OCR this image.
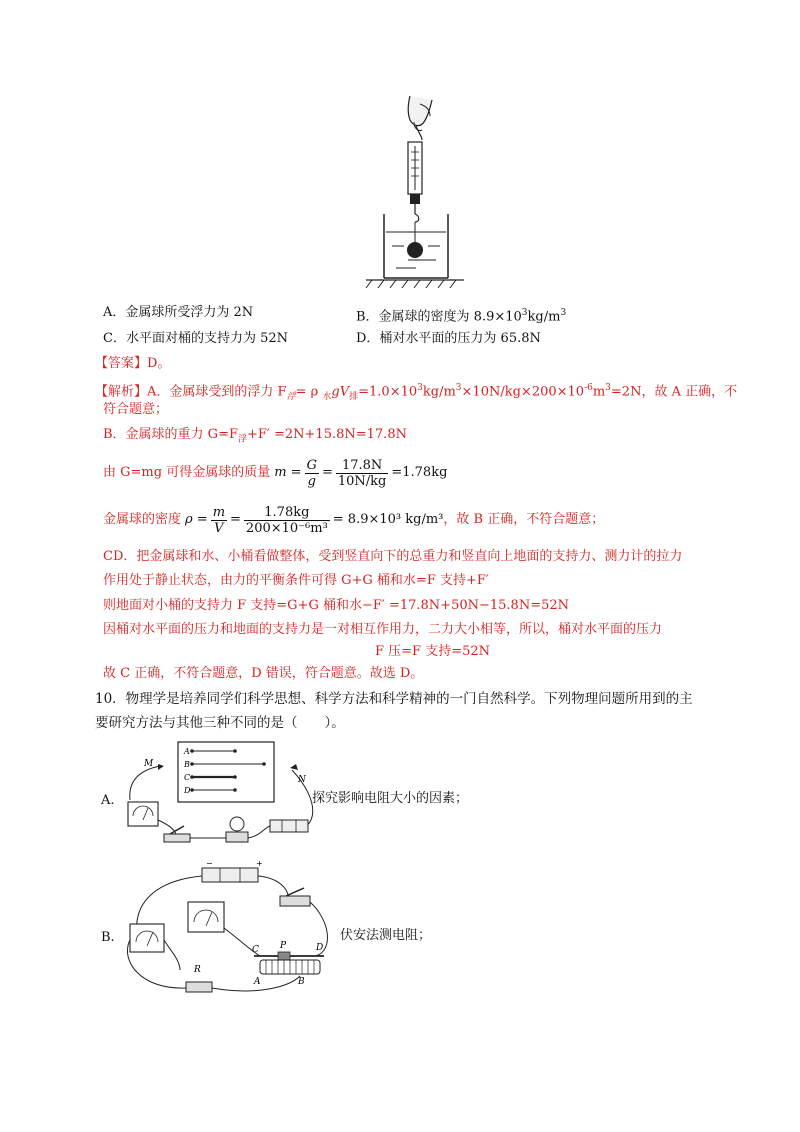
A．金属球所受浮力为 2N	B．金属球的密度为 $8.9\times 10^3kg/m^3$
C．水平面对桶的支持力为 52N	D．桶对水平面的压力为 65.8N
【答案】D。
【解析】A．金属球受到的浮力 $F_浮= \rho$ $_水gV_排=1.0\times 10^3kg/m^3\times 10N/kg\times 200\times 10^{-6}m^3=2N$，故 A 正确，不
符合题意；
B．金属球的重力 $G=F_浮+F' =2N+15.8N=17.8N$
由 G=mg 可得金属球的质量 $m = \frac{G}{g} = \frac{17.8N}{10N/kg} =1.78kg$
金属球的密度 $\rho = \frac{m}{V} = \frac{1.78kg}{\text{200×10⁻⁶m³}} = 8.9\times 10^3$ kg/m³ ，故 B 正确，不符合题意；
CD．把金属球和水、小桶看做整体，受到竖直向下的总重力和竖直向上地面的支持力、测力计的拉力
作用处于静止状态，由力的平衡条件可得 G+G 桶和水=F 支持+F′
则地面对小桶的支持力 F 支持=G+G 桶和水−F′ =17.8N+50N−15.8N=52N
因桶对水平面的压力和地面的支持力是一对相互作用力，二力大小相等，所以，桶对水平面的压力
F 压=F 支持=52N
故 C 正确，不符合题意，D 错误，符合题意。故选 D。
10．物理学是培养同学们科学思想、科学方法和科学精神的一门自然科学。下列物理问题所用到的主
要研究方法与其他三种不同的是（　　）。
A
B
C
D
M
N
A.	探究影响电阻大小的因素；
−	+
R
C P	D
A	B
B.	伏安法测电阻；
